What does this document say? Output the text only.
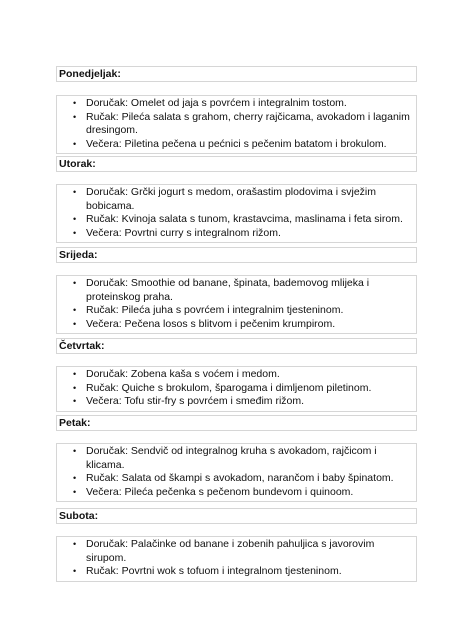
Ponedjeljak:
• Doručak: Omelet od jaja s povrćem i integralnim tostom.
• Ručak: Pileća salata s grahom, cherry rajčicama, avokadom i laganim dresingom.
• Večera: Piletina pečena u pećnici s pečenim batatom i brokulom.
Utorak:
• Doručak: Grčki jogurt s medom, orašastim plodovima i svježim bobicama.
• Ručak: Kvinoja salata s tunom, krastavcima, maslinama i feta sirom.
• Večera: Povrtni curry s integralnom rižom.
Srijeda:
• Doručak: Smoothie od banane, špinata, bademovog mlijeka i proteinskog praha.
• Ručak: Pileća juha s povrćem i integralnim tjesteninom.
• Večera: Pečena losos s blitvom i pečenim krumpirom.
Četvrtak:
• Doručak: Zobena kaša s voćem i medom.
• Ručak: Quiche s brokulom, šparogama i dimljenom piletinom.
• Večera: Tofu stir-fry s povrćem i smeđim rižom.
Petak:
• Doručak: Sendvič od integralnog kruha s avokadom, rajčicom i klicama.
• Ručak: Salata od škampi s avokadom, narančom i baby špinatom.
• Večera: Pileća pečenka s pečenom bundevom i quinoom.
Subota:
• Doručak: Palačinke od banane i zobenih pahuljica s javorovim sirupom.
• Ručak: Povrtni wok s tofuom i integralnom tjesteninom.
